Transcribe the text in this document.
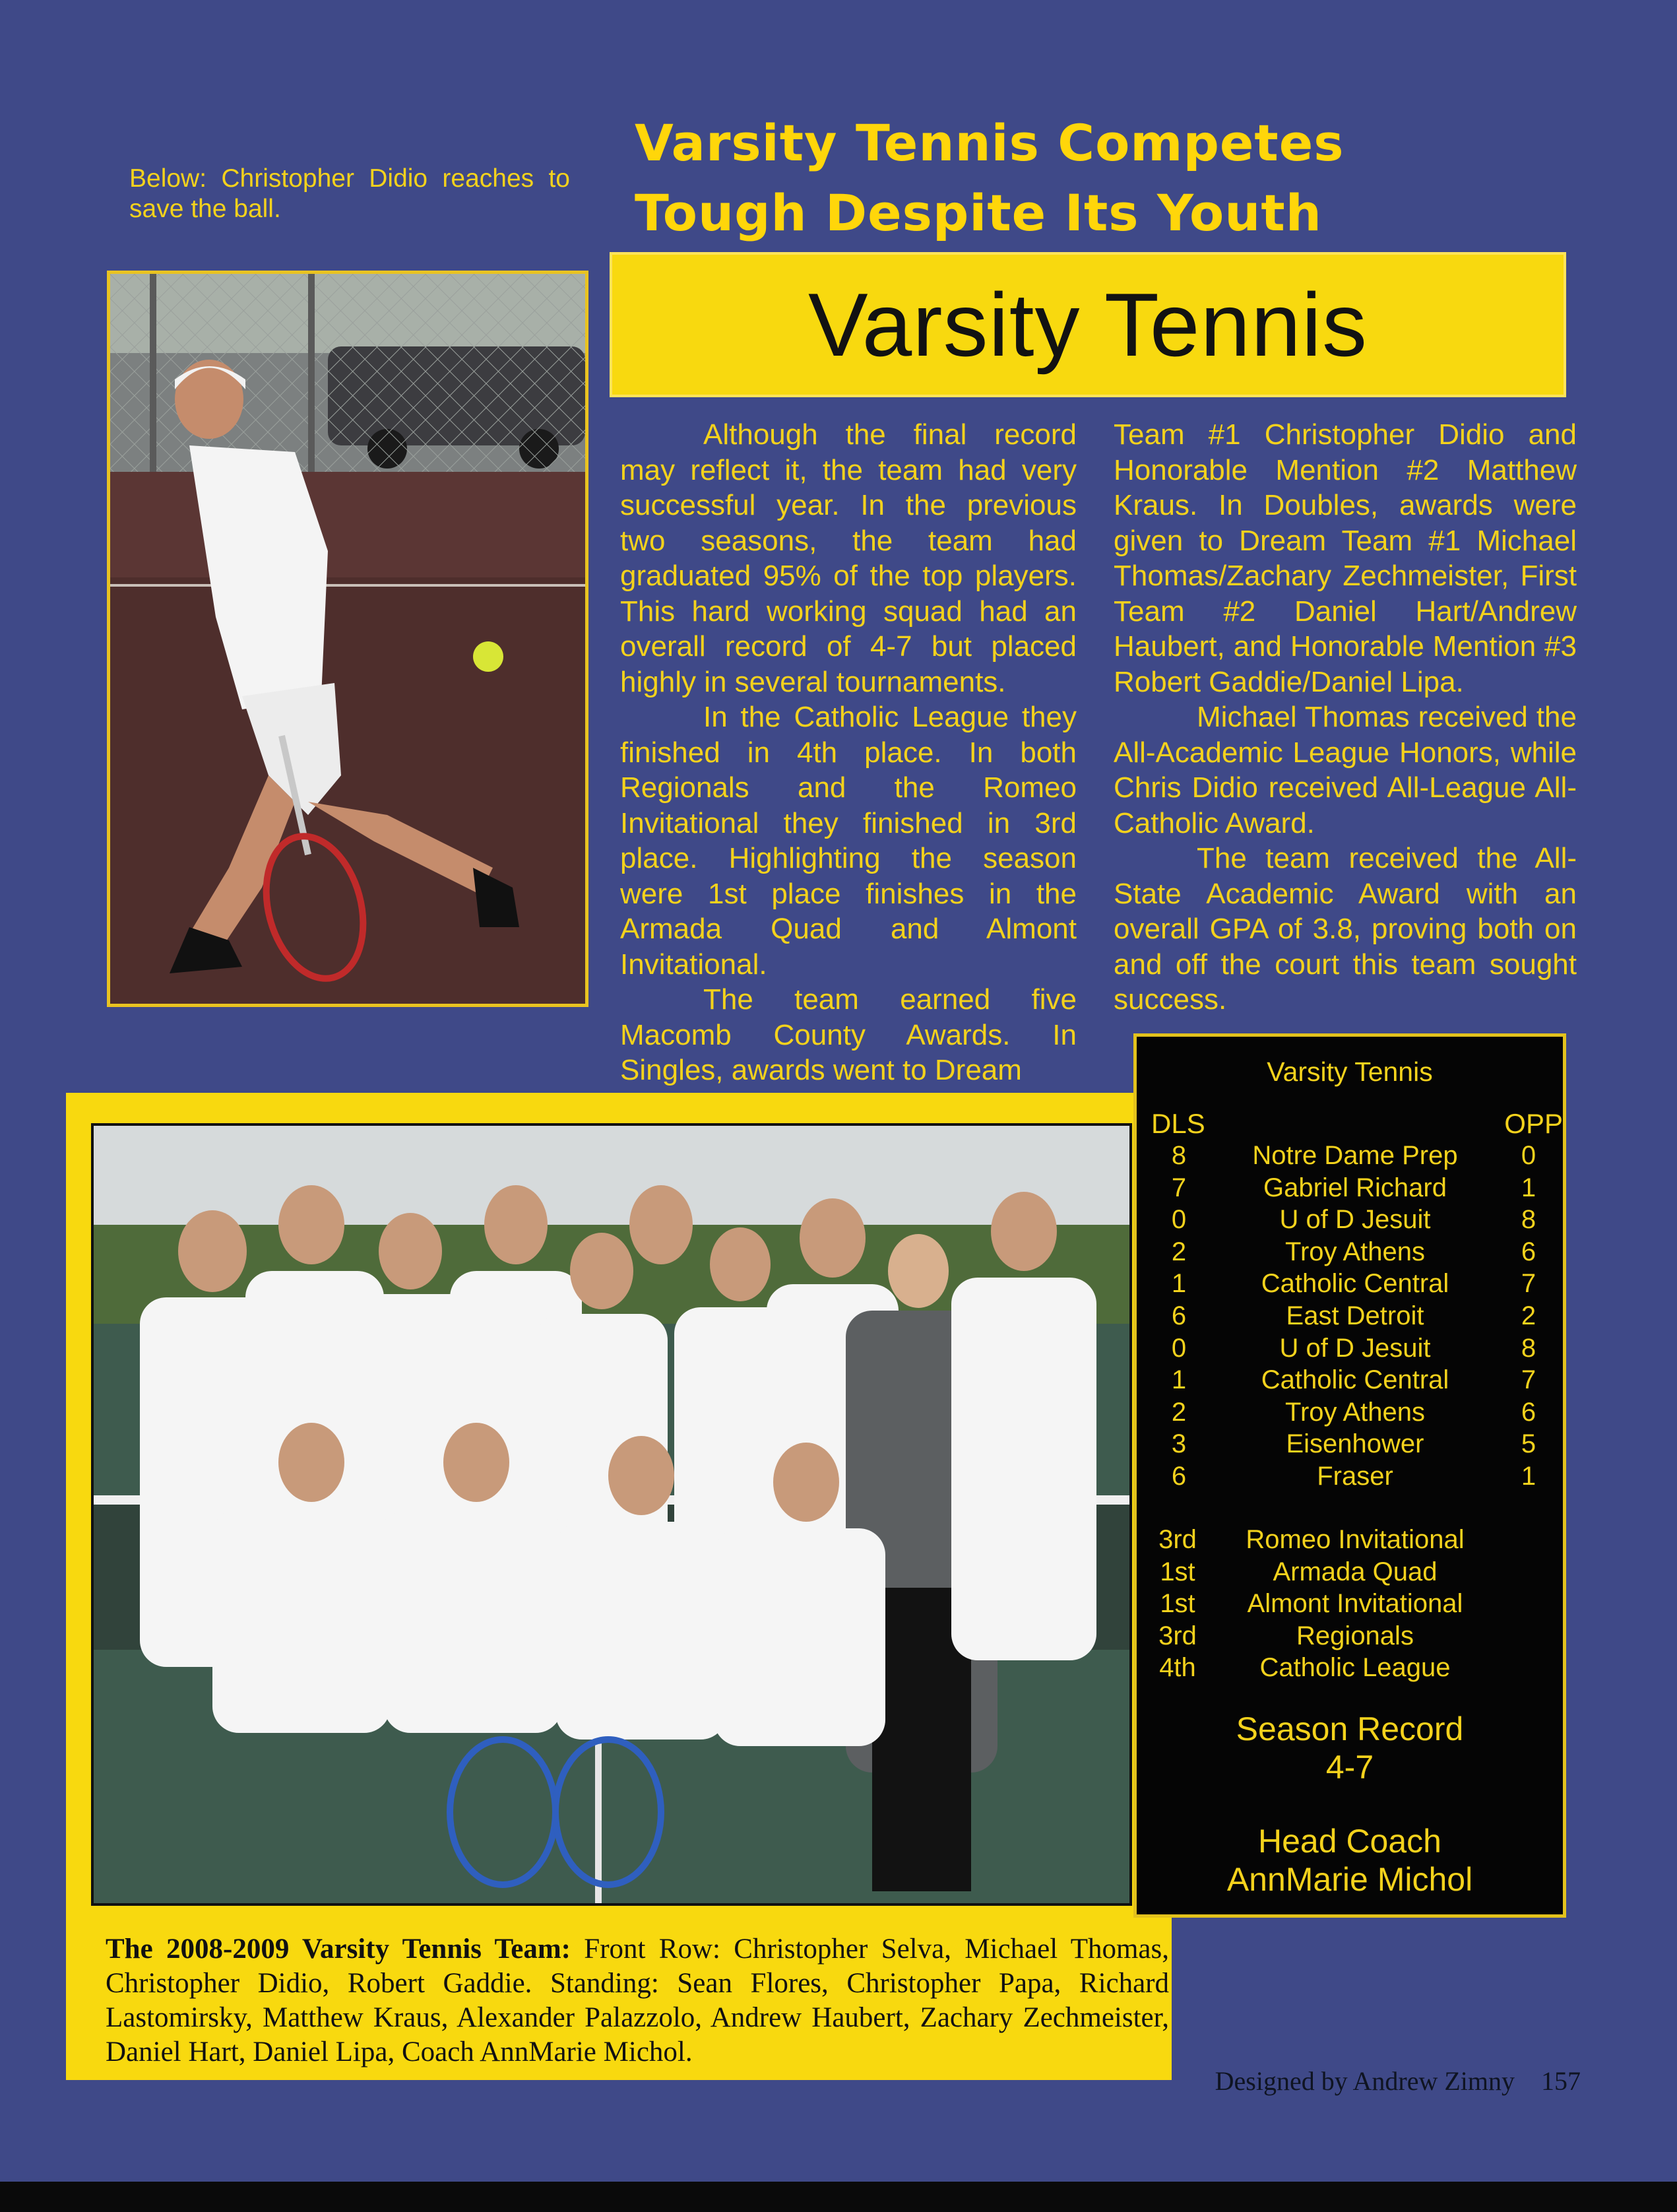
Below: Christopher Didio reaches to save the ball.
Varsity Tennis Competes
Tough Despite Its Youth
Varsity Tennis

Although the final record may reflect it, the team had very successful year. In the previous two seasons, the team had graduated 95% of the top players. This hard working squad had an overall record of 4-7 but placed highly in several tournaments.

In the Catholic League they finished in 4th place. In both Regionals and the Romeo Invitational they finished in 3rd place. Highlighting the season were 1st place finishes in the Armada Quad and Almont Invitational.

The team earned five Macomb County Awards. In Singles, awards went to Dream

Team #1 Christopher Didio and Honorable Mention #2 Matthew Kraus. In Doubles, awards were given to Dream Team #1 Michael Thomas/Zachary Zechmeister, First Team #2 Daniel Hart/Andrew Haubert, and Honorable Mention #3 Robert Gaddie/Daniel Lipa.

Michael Thomas received the All-Academic League Honors, while Chris Didio received All-League All- Catholic Award.

The team received the All-State Academic Award with an overall GPA of 3.8, proving both on and off the court this team sought success.

The 2008-2009 Varsity Tennis Team: Front Row: Christopher Selva, Michael Thomas, Christopher Didio, Robert Gaddie. Standing: Sean Flores, Christopher Papa, Richard Lastomirsky, Matthew Kraus, Alexander Palazzolo, Andrew Haubert, Zachary Zechmeister, Daniel Hart, Daniel Lipa, Coach AnnMarie Michol.
Varsity Tennis
DLS	OPP
8	Notre Dame Prep	0
7	Gabriel Richard	1
0	U of D Jesuit	8
2	Troy Athens	6
1	Catholic Central	7
6	East Detroit	2
0	U of D Jesuit	8
1	Catholic Central	7
2	Troy Athens	6
3	Eisenhower	5
6	Fraser	1
3rd	Romeo Invitational
1st	Armada Quad
1st	Almont Invitational
3rd	Regionals
4th	Catholic League
Season Record
4-7
Head Coach
AnnMarie Michol
Designed by Andrew Zimny 157
